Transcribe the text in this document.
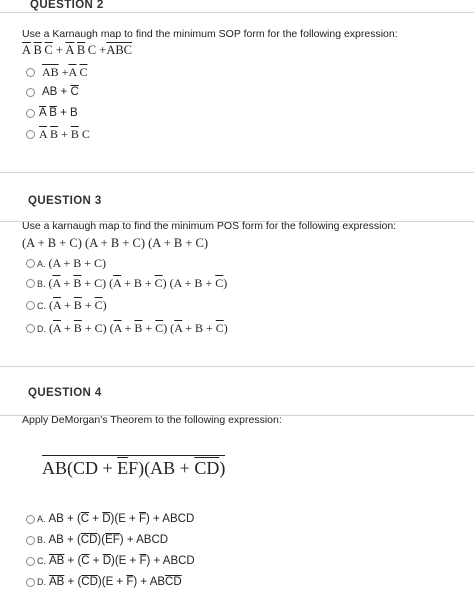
QUESTION 2
Use a Karnaugh map to find the minimum SOP form for the following expression:
$\overline{A}$  $\overline{B}$  $\overline{C} + \overline{A}$  $\overline{B}$  $C +\overline{ABC}$
$\overline{AB} +\overline{A}$ $\overline{C}$
AB + $\overline{C}$
$\overline{A}$ $\overline{B} + B$
$\overline{A}$ $\overline{B} + \overline{B}$ C
QUESTION 3
Use a karnaugh map to find the minimum POS form for the following expression:
(A + B + C) (A + B + C) (A + B + C)
A. (A + B + C)
B. $(\overline{A} + \overline{B} + C) (\overline{A} + B + \overline{C}) (A + B + \overline{C})$
C. $(\overline{A} + \overline{B} + \overline{C})$
D. $(\overline{A} + \overline{B} + C) (\overline{A} + \overline{B} + \overline{C}) (\overline{A} + B + \overline{C})$
QUESTION 4
Apply DeMorgan's Theorem to the following expression:
$AB(CD + \overline{E}F)(AB + \overline{CD})$
A. AB + $(\overline{C} + \overline{D})(E + \overline{F})$ + ABCD
B. AB + $(\overline{CD})(\overline{EF})$ + ABCD
C. $\overline{AB} + (\overline{C} + \overline{D})(E + \overline{F})$ + ABCD
D. $\overline{AB} + (\overline{CD})(E + \overline{F}) + AB\overline{CD}$
